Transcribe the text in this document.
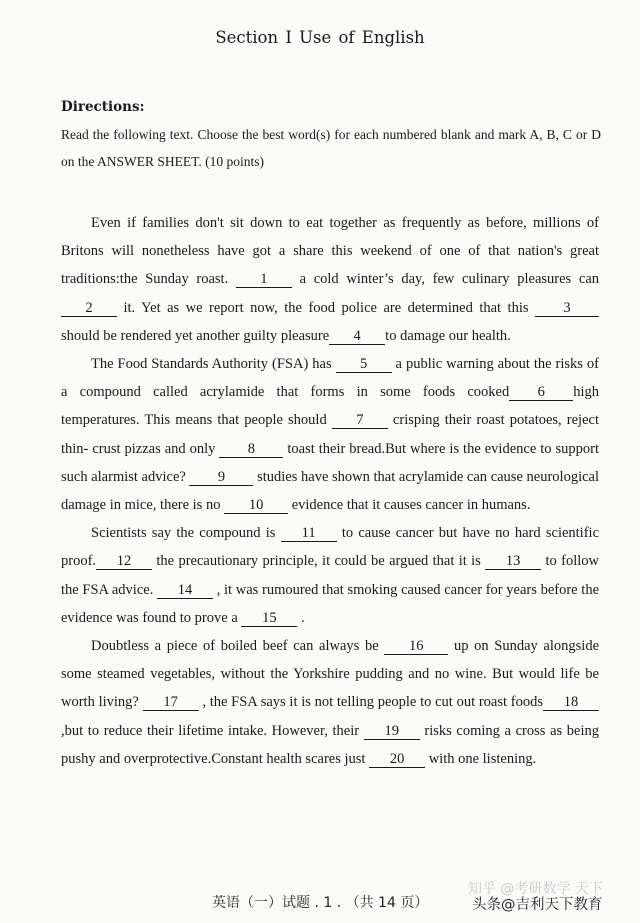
Section Ⅰ Use of English
Directions:
Read the following text. Choose the best word(s) for each numbered blank and mark A, B, C or D on the ANSWER SHEET. (10 points)

Even if families don't sit down to eat together as frequently as before, millions of Britons will nonetheless have got a share this weekend of one of that nation's great traditions:the Sunday roast. 1 a cold winter’s day, few culinary pleasures can 2 it. Yet as we report now, the food police are determined that this 3 should be rendered yet another guilty pleasure 4 to damage our health.

The Food Standards Authority (FSA) has 5 a public warning about the risks of a compound called acrylamide that forms in some foods cooked 6 high temperatures. This means that people should 7 crisping their roast potatoes, reject thin- crust pizzas and only 8 toast their bread.But where is the evidence to support such alarmist advice? 9 studies have shown that acrylamide can cause neurological damage in mice, there is no 10 evidence that it causes cancer in humans.

Scientists say the compound is 11 to cause cancer but have no hard scientific proof. 12 the precautionary principle, it could be argued that it is 13 to follow the FSA advice. 14 , it was rumoured that smoking caused cancer for years before the evidence was found to prove a 15 .

Doubtless a piece of boiled beef can always be 16 up on Sunday alongside some steamed vegetables, without the Yorkshire pudding and no wine. But would life be worth living? 17 , the FSA says it is not telling people to cut out roast foods 18,but to reduce their lifetime intake. However, their 19 risks coming a cross as being pushy and overprotective.Constant health scares just 20 with one listening.

英语（一）试题 . 1 . （共 14 页）
知乎 @考研数学 天下
头条@吉利天下教育
